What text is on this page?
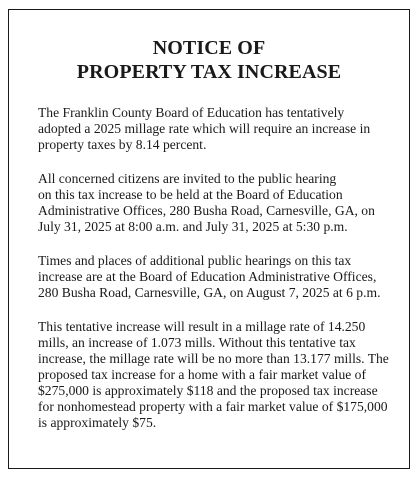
NOTICE OF
PROPERTY TAX INCREASE

The Franklin County Board of Education has tentatively
adopted a 2025 millage rate which will require an increase in
property taxes by 8.14 percent.

All concerned citizens are invited to the public hearing
on this tax increase to be held at the Board of Education
Administrative Offices, 280 Busha Road, Carnesville, GA, on
July 31, 2025 at 8:00 a.m. and July 31, 2025 at 5:30 p.m.

Times and places of additional public hearings on this tax
increase are at the Board of Education Administrative Offices,
280 Busha Road, Carnesville, GA, on August 7, 2025 at 6 p.m.

This tentative increase will result in a millage rate of 14.250
mills, an increase of 1.073 mills. Without this tentative tax
increase, the millage rate will be no more than 13.177 mills. The
proposed tax increase for a home with a fair market value of
$275,000 is approximately $118 and the proposed tax increase
for nonhomestead property with a fair market value of $175,000
is approximately $75.
